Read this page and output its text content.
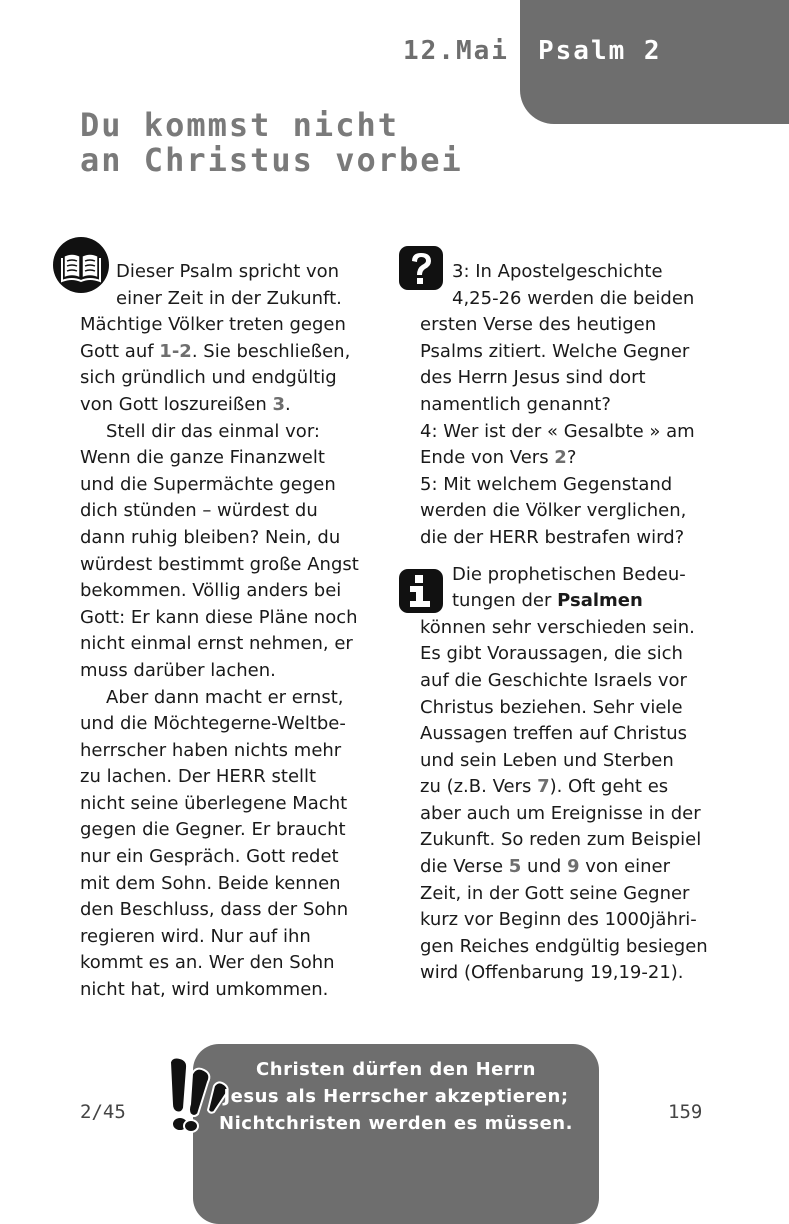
12.Mai Psalm 2
Du kommst nicht
an Christus vorbei
Dieser Psalm spricht von
einer Zeit in der Zukunft.
Mächtige Völker treten gegen
Gott auf 1-2. Sie beschließen,
sich gründlich und endgültig
von Gott loszureißen 3.
Stell dir das einmal vor:
Wenn die ganze Finanzwelt
und die Supermächte gegen
dich stünden – würdest du
dann ruhig bleiben? Nein, du
würdest bestimmt große Angst
bekommen. Völlig anders bei
Gott: Er kann diese Pläne noch
nicht einmal ernst nehmen, er
muss darüber lachen.
Aber dann macht er ernst,
und die Möchtegerne-Weltbe-
herrscher haben nichts mehr
zu lachen. Der HERR stellt
nicht seine überlegene Macht
gegen die Gegner. Er braucht
nur ein Gespräch. Gott redet
mit dem Sohn. Beide kennen
den Beschluss, dass der Sohn
regieren wird. Nur auf ihn
kommt es an. Wer den Sohn
nicht hat, wird umkommen.
3: In Apostelgeschichte
4,25-26 werden die beiden
ersten Verse des heutigen
Psalms zitiert. Welche Gegner
des Herrn Jesus sind dort
namentlich genannt?
4: Wer ist der « Gesalbte » am
Ende von Vers 2?
5: Mit welchem Gegenstand
werden die Völker verglichen,
die der HERR bestrafen wird?
Die prophetischen Bedeu-
tungen der Psalmen
können sehr verschieden sein.
Es gibt Voraussagen, die sich
auf die Geschichte Israels vor
Christus beziehen. Sehr viele
Aussagen treffen auf Christus
und sein Leben und Sterben
zu (z.B. Vers 7). Oft geht es
aber auch um Ereignisse in der
Zukunft. So reden zum Beispiel
die Verse 5 und 9 von einer
Zeit, in der Gott seine Gegner
kurz vor Beginn des 1000jähri-
gen Reiches endgültig besiegen
wird (Offenbarung 19,19-21).
Christen dürfen den Herrn
Jesus als Herrscher akzeptieren;
Nichtchristen werden es müssen.
2/45	159
